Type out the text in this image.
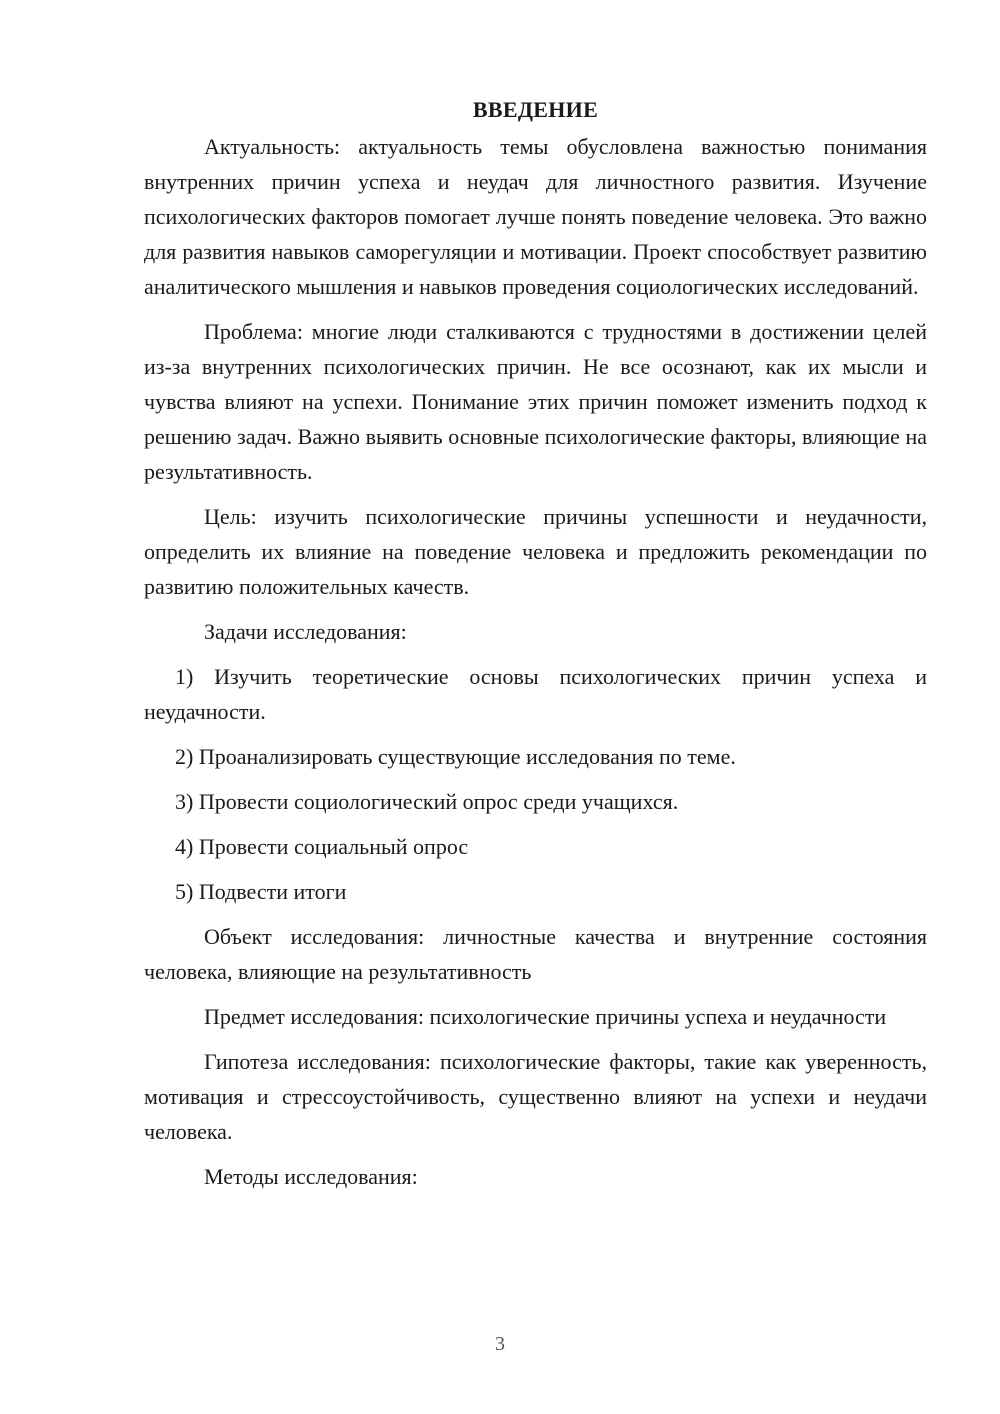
ВВЕДЕНИЕ

Актуальность: актуальность темы обусловлена важностью понимания внутренних причин успеха и неудач для личностного развития. Изучение психологических факторов помогает лучше понять поведение человека. Это важно для развития навыков саморегуляции и мотивации. Проект способствует развитию аналитического мышления и навыков проведения социологических исследований.

Проблема: многие люди сталкиваются с трудностями в достижении целей из-за внутренних психологических причин. Не все осознают, как их мысли и чувства влияют на успехи. Понимание этих причин поможет изменить подход к решению задач. Важно выявить основные психологические факторы, влияющие на результативность.

Цель: изучить психологические причины успешности и неудачности, определить их влияние на поведение человека и предложить рекомендации по развитию положительных качеств.

Задачи исследования:

1) Изучить теоретические основы психологических причин успеха и неудачности.

2) Проанализировать существующие исследования по теме.

3) Провести социологический опрос среди учащихся.

4) Провести социальный опрос

5) Подвести итоги

Объект исследования: личностные качества и внутренние состояния человека, влияющие на результативность

Предмет исследования: психологические причины успеха и неудачности

Гипотеза исследования: психологические факторы, такие как уверенность, мотивация и стрессоустойчивость, существенно влияют на успехи и неудачи человека.

Методы исследования:

3
